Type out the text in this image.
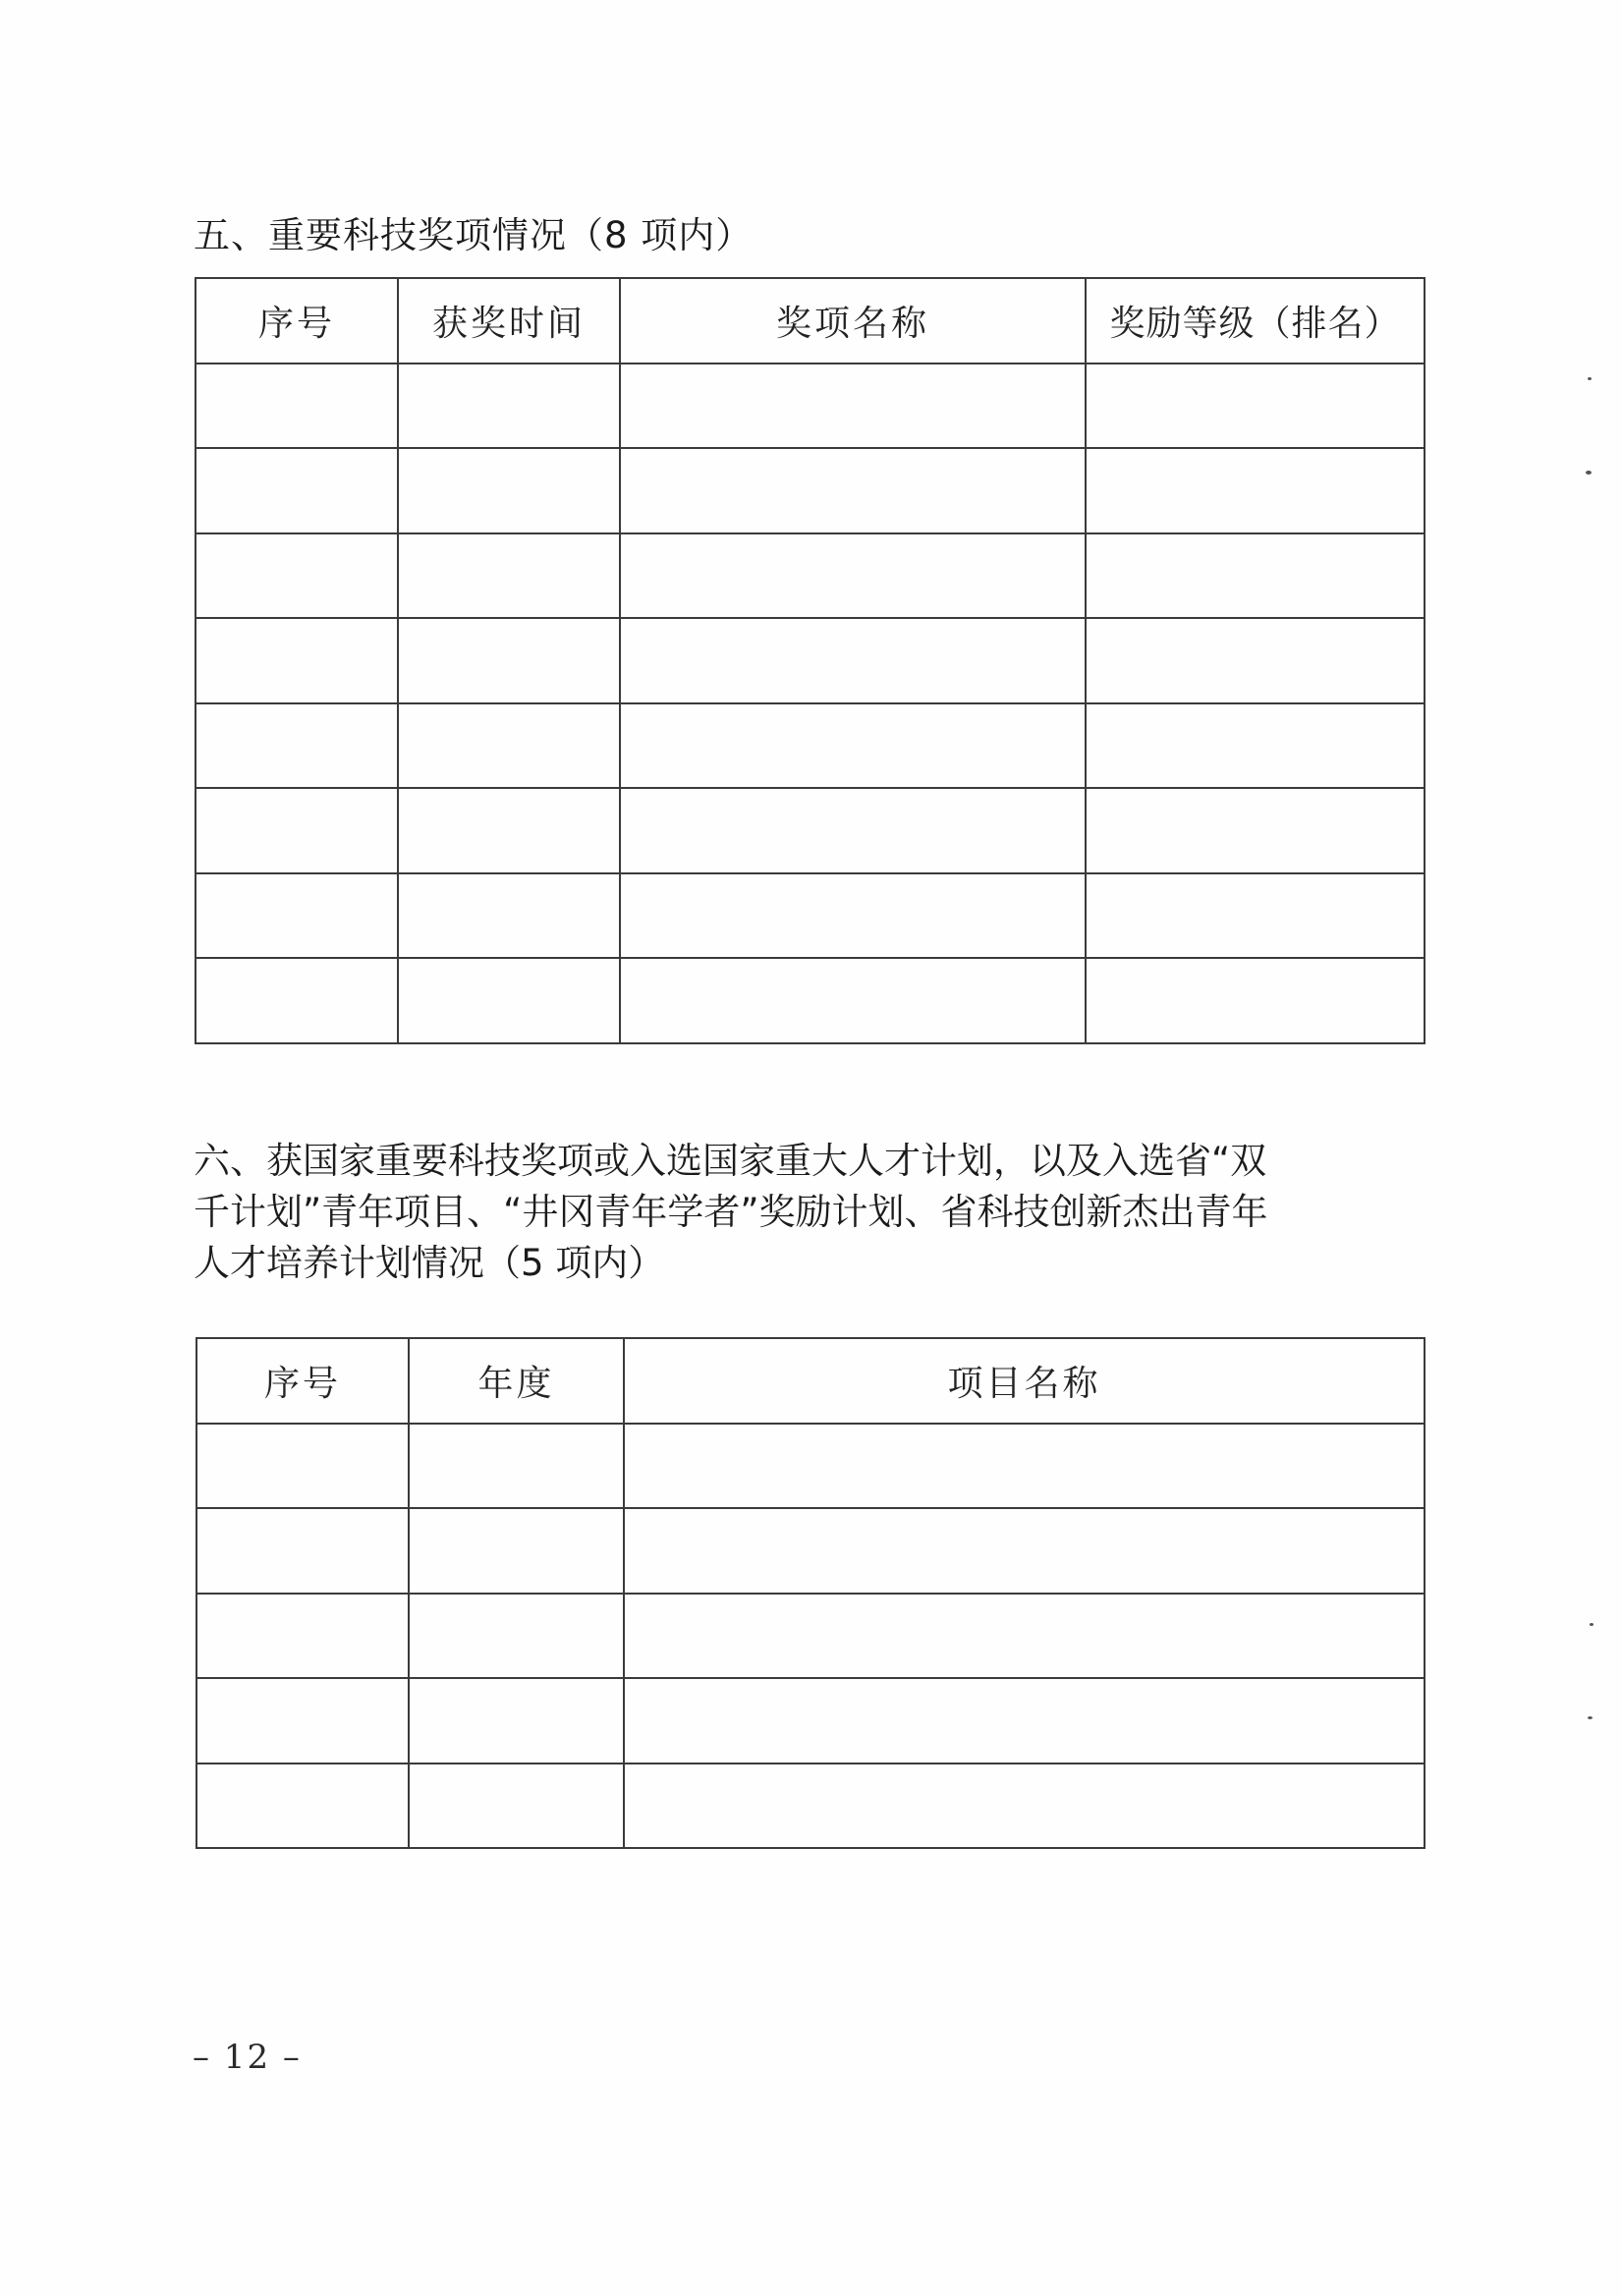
五、重要科技奖项情况（8 项内）
序号	获奖时间	奖项名称	奖励等级（排名）

六、获国家重要科技奖项或入选国家重大人才计划，以及入选省“双
千计划”青年项目、“井冈青年学者”奖励计划、省科技创新杰出青年
人才培养计划情况（5 项内）
序号	年度	项目名称

– 12 –
